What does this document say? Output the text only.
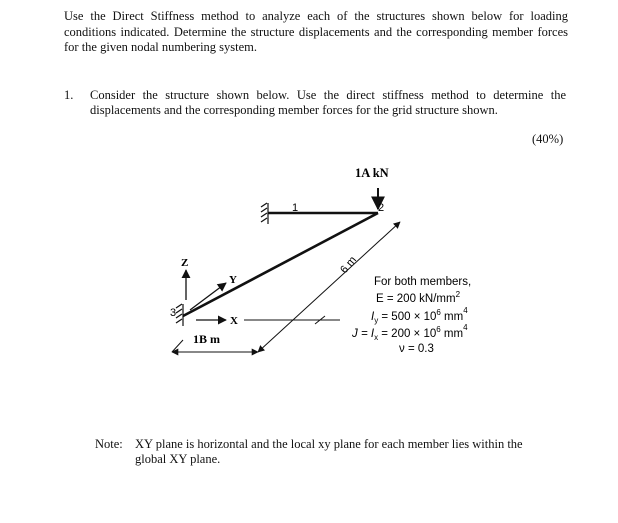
Use the Direct Stiffness method to analyze each of the structures shown below for loading conditions indicated. Determine the structure displacements and the corresponding member forces for the given nodal numbering system.
1. Consider the structure shown below. Use the direct stiffness method to determine the displacements and the corresponding member forces for the grid structure shown.
(40%)
1A kN
1	2
3
Z
Y
X
6 m
1B m
For both members,
E = 200 $kN/mm^2$
$I_y = 500 \times 10^6$ $mm^4$
$J = I_x = 200 \times 10^6$ $mm^4$
ν = 0.3
Note: XY plane is horizontal and the local xy plane for each member lies within the global XY plane.
